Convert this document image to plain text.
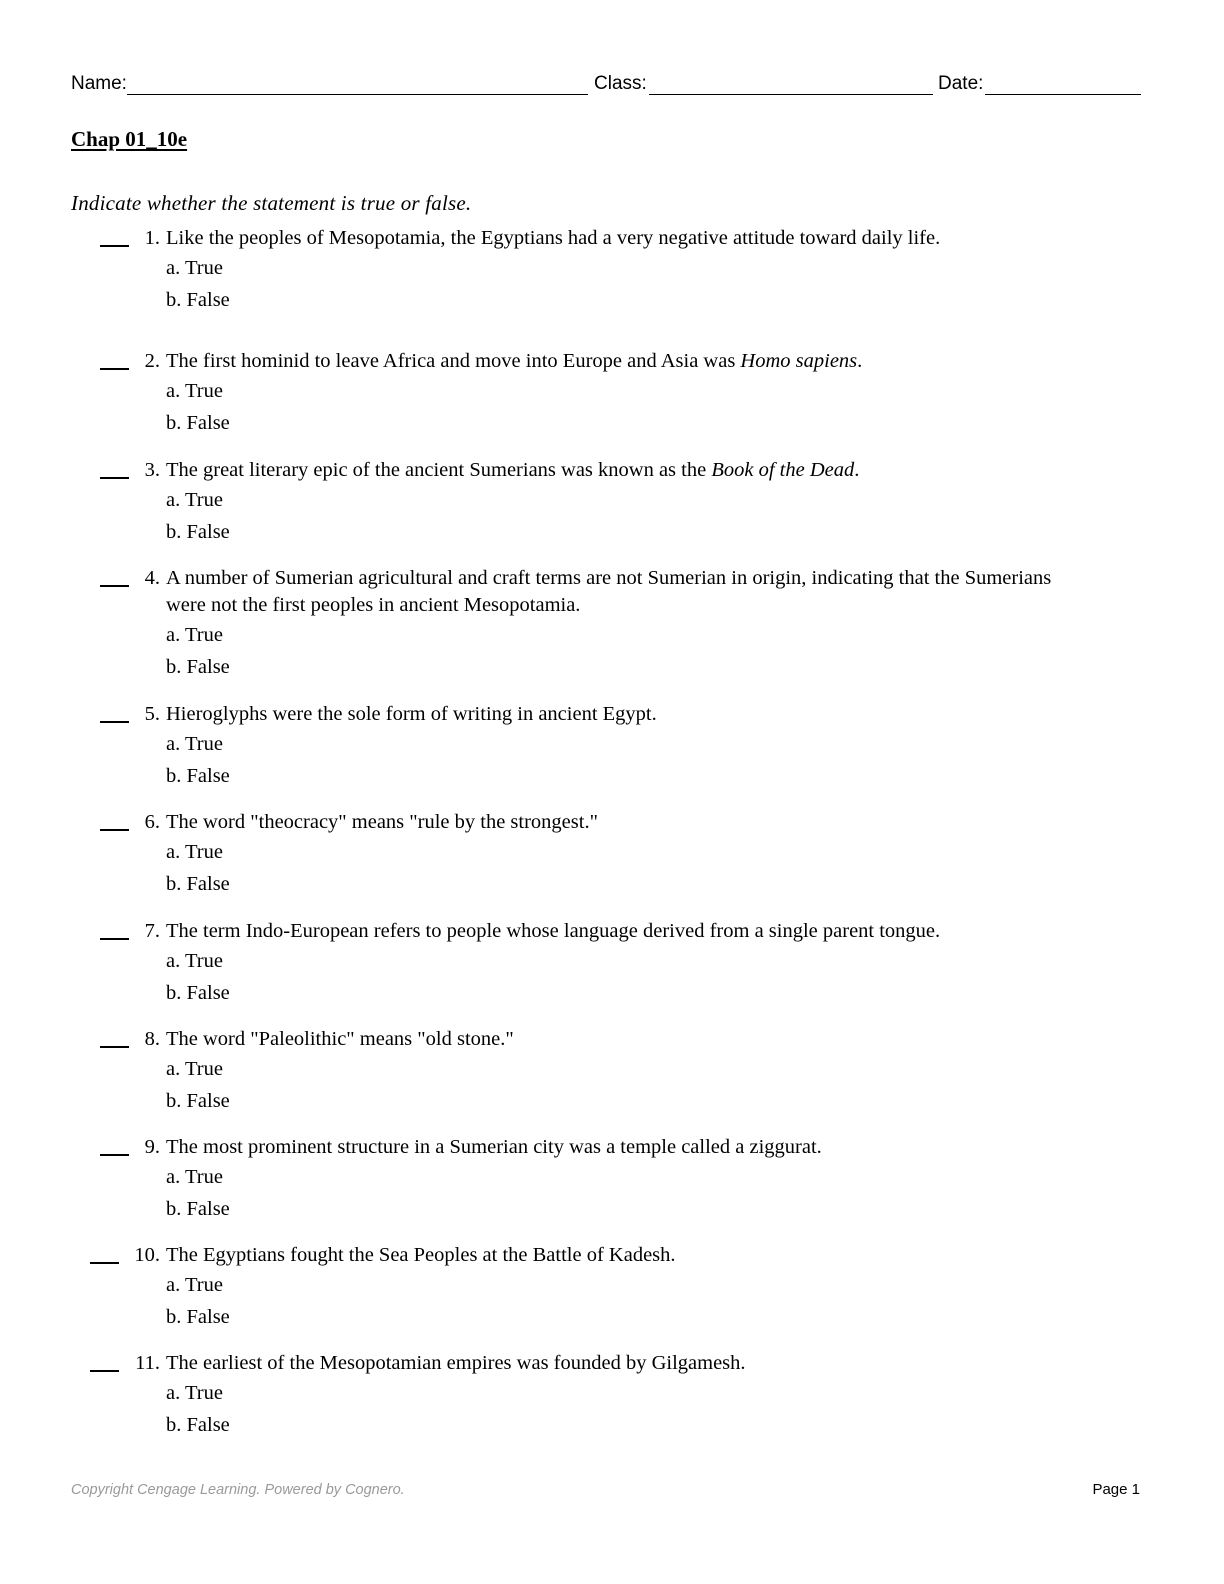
Name:	Class:	Date:
Chap 01_10e
Indicate whether the statement is true or false.
1. Like the peoples of Mesopotamia, the Egyptians had a very negative attitude toward daily life.
a. True
b. False
2. The first hominid to leave Africa and move into Europe and Asia was Homo sapiens.
a. True
b. False
3. The great literary epic of the ancient Sumerians was known as the Book of the Dead.
a. True
b. False
4. A number of Sumerian agricultural and craft terms are not Sumerian in origin, indicating that the Sumerians
were not the first peoples in ancient Mesopotamia.
a. True
b. False
5. Hieroglyphs were the sole form of writing in ancient Egypt.
a. True
b. False
6. The word "theocracy" means "rule by the strongest."
a. True
b. False
7. The term Indo-European refers to people whose language derived from a single parent tongue.
a. True
b. False
8. The word "Paleolithic" means "old stone."
a. True
b. False
9. The most prominent structure in a Sumerian city was a temple called a ziggurat.
a. True
b. False
10. The Egyptians fought the Sea Peoples at the Battle of Kadesh.
a. True
b. False
11. The earliest of the Mesopotamian empires was founded by Gilgamesh.
a. True
b. False
Copyright Cengage Learning. Powered by Cognero.	Page 1
